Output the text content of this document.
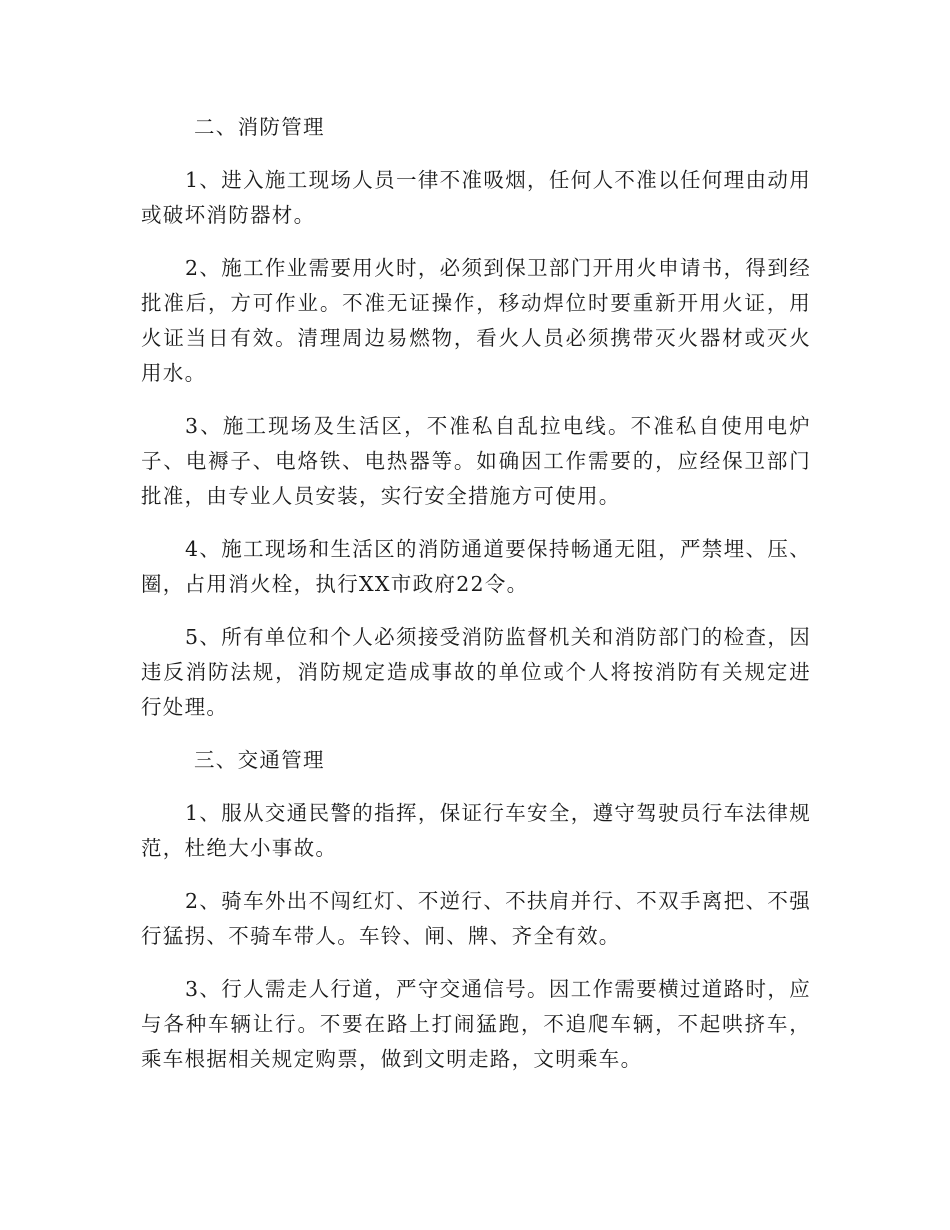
二、消防管理
1、进入施工现场人员一律不准吸烟，任何人不准以任何理由动用或破坏消防器材。
2、施工作业需要用火时，必须到保卫部门开用火申请书，得到经批准后，方可作业。不准无证操作，移动焊位时要重新开用火证，用火证当日有效。清理周边易燃物，看火人员必须携带灭火器材或灭火用水。
3、施工现场及生活区，不准私自乱拉电线。不准私自使用电炉子、电褥子、电烙铁、电热器等。如确因工作需要的，应经保卫部门批准，由专业人员安装，实行安全措施方可使用。
4、施工现场和生活区的消防通道要保持畅通无阻，严禁埋、压、圈，占用消火栓，执行XX市政府22令。
5、所有单位和个人必须接受消防监督机关和消防部门的检查，因违反消防法规，消防规定造成事故的单位或个人将按消防有关规定进行处理。
三、交通管理
1、服从交通民警的指挥，保证行车安全，遵守驾驶员行车法律规范，杜绝大小事故。
2、骑车外出不闯红灯、不逆行、不扶肩并行、不双手离把、不强行猛拐、不骑车带人。车铃、闸、牌、齐全有效。
3、行人需走人行道，严守交通信号。因工作需要横过道路时，应与各种车辆让行。不要在路上打闹猛跑，不追爬车辆，不起哄挤车，乘车根据相关规定购票，做到文明走路，文明乘车。
